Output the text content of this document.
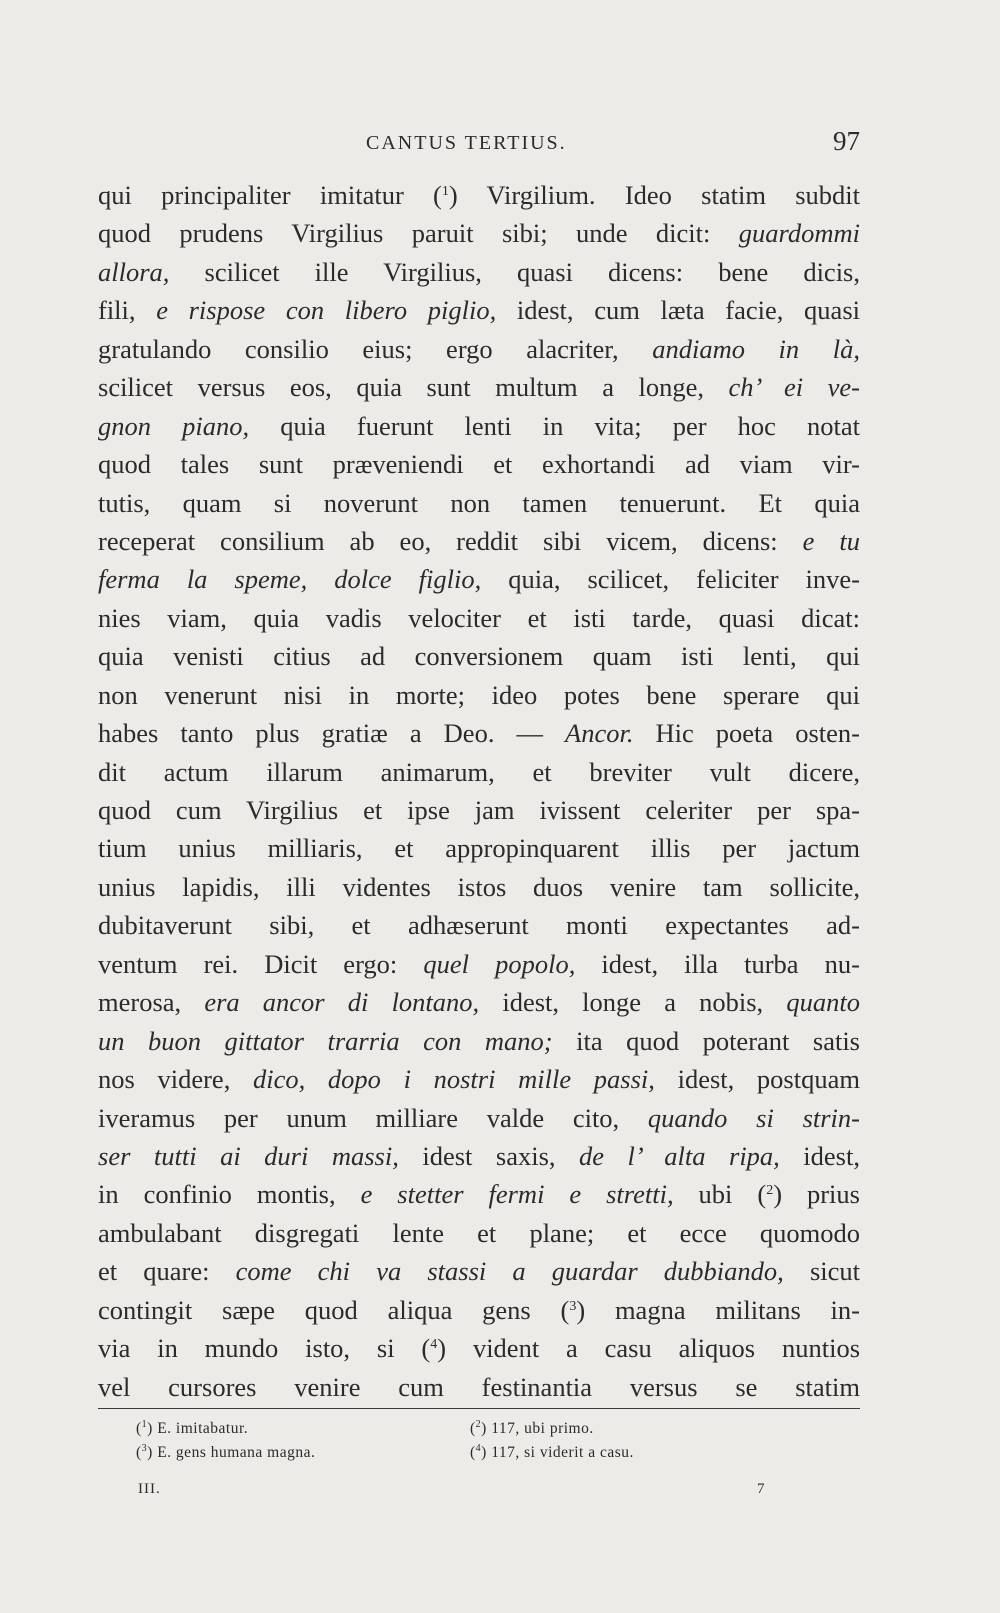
CANTUS TERTIUS.	97
qui principaliter imitatur ($^1$) Virgilium. Ideo statim subdit
quod prudens Virgilius paruit sibi; unde dicit: guardommi
allora, scilicet ille Virgilius, quasi dicens: bene dicis,
fili, e rispose con libero piglio, idest, cum læta facie, quasi
gratulando consilio eius; ergo alacriter, andiamo in là,
scilicet versus eos, quia sunt multum a longe, ch’ ei ve-
gnon piano, quia fuerunt lenti in vita; per hoc notat
quod tales sunt præveniendi et exhortandi ad viam vir-
tutis, quam si noverunt non tamen tenuerunt. Et quia
receperat consilium ab eo, reddit sibi vicem, dicens: e tu
ferma la speme, dolce figlio, quia, scilicet, feliciter inve-
nies viam, quia vadis velociter et isti tarde, quasi dicat:
quia venisti citius ad conversionem quam isti lenti, qui
non venerunt nisi in morte; ideo potes bene sperare qui
habes tanto plus gratiæ a Deo. — Ancor. Hic poeta osten-
dit actum illarum animarum, et breviter vult dicere,
quod cum Virgilius et ipse jam ivissent celeriter per spa-
tium unius milliaris, et appropinquarent illis per jactum
unius lapidis, illi videntes istos duos venire tam sollicite,
dubitaverunt sibi, et adhæserunt monti expectantes ad-
ventum rei. Dicit ergo: quel popolo, idest, illa turba nu-
merosa, era ancor di lontano, idest, longe a nobis, quanto
un buon gittator trarria con mano; ita quod poterant satis
nos videre, dico, dopo i nostri mille passi, idest, postquam
iveramus per unum milliare valde cito, quando si strin-
ser tutti ai duri massi, idest saxis, de l’ alta ripa, idest,
in confinio montis, e stetter fermi e stretti, ubi ($^2$) prius
ambulabant disgregati lente et plane; et ecce quomodo
et quare: come chi va stassi a guardar dubbiando, sicut
contingit sæpe quod aliqua gens ($^3$) magna militans in-
via in mundo isto, si ($^4$) vident a casu aliquos nuntios
vel cursores venire cum festinantia versus se statim
($^1$) E. imitabatur.	($^2$) 117, ubi primo.
($^3$) E. gens humana magna.	($^4$) 117, si viderit a casu.
III.	7
